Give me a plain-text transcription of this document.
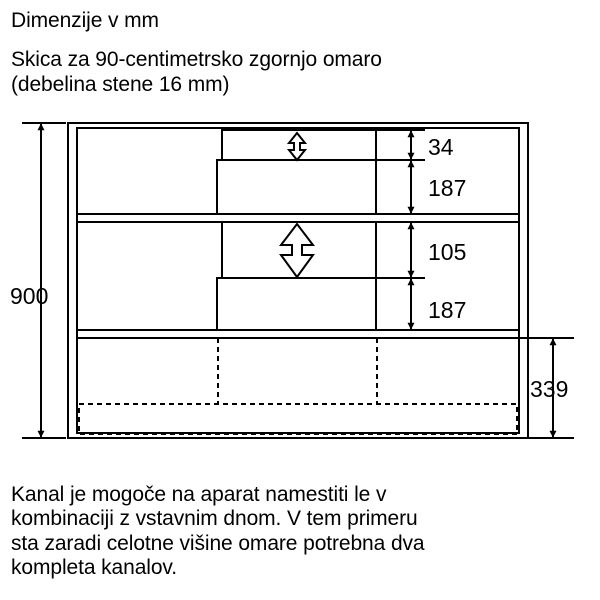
Dimenzije v mm

Skica za 90-centimetrsko zgornjo omaro

(debelina stene 16 mm)

900
34
187
105
187
339

Kanal je mogoče na aparat namestiti le v

kombinaciji z vstavnim dnom. V tem primeru

sta zaradi celotne višine omare potrebna dva

kompleta kanalov.
